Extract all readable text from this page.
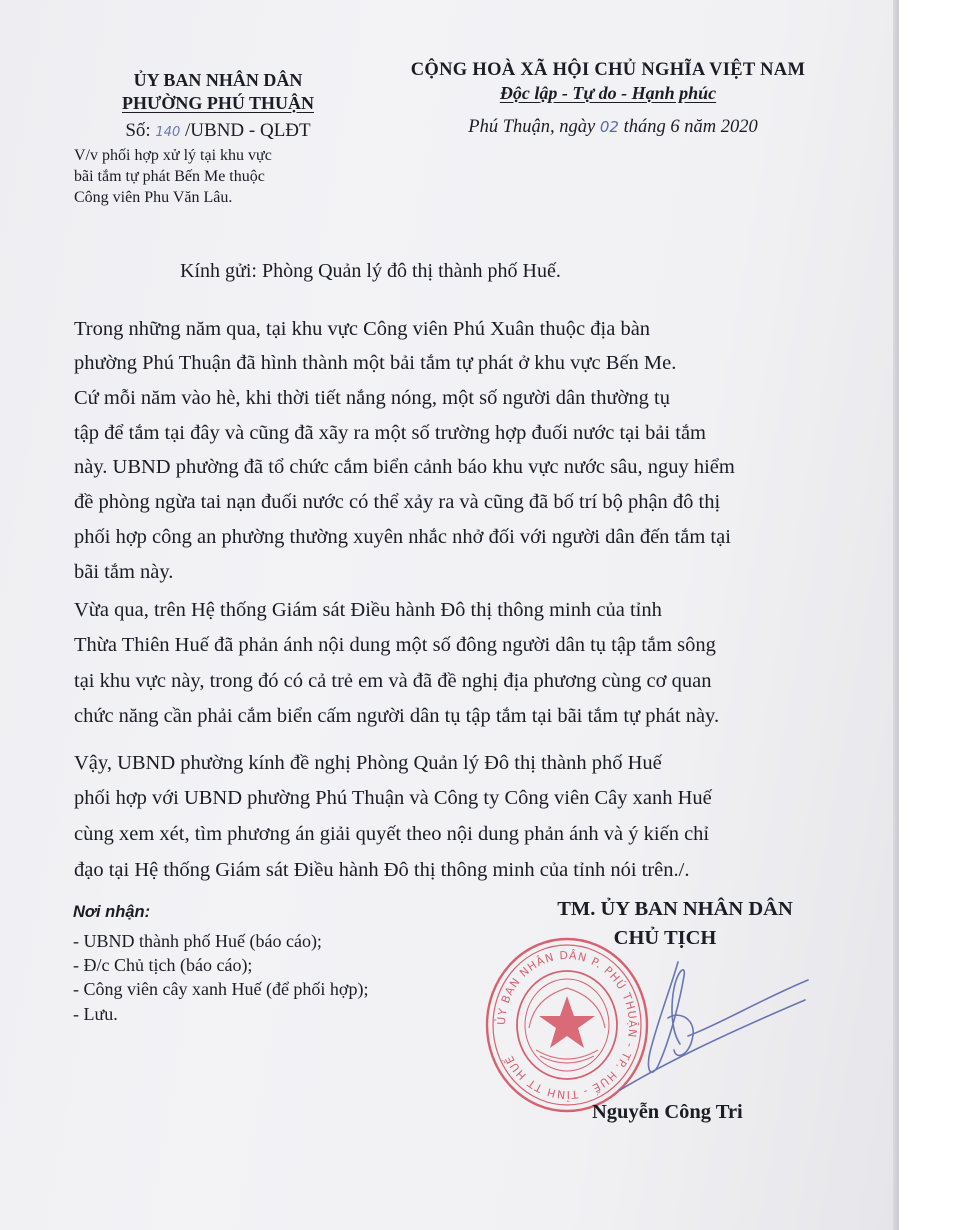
ỦY BAN NHÂN DÂN
PHƯỜNG PHÚ THUẬN
Số: 140 /UBND - QLĐT
V/v phối hợp xử lý tại khu vực
bãi tắm tự phát Bến Me thuộc
Công viên Phu Văn Lâu.
CỘNG HOÀ XÃ HỘI CHỦ NGHĨA VIỆT NAM
Độc lập - Tự do - Hạnh phúc
Phú Thuận, ngày 02 tháng 6 năm 2020
Kính gửi: Phòng Quản lý đô thị thành phố Huế.
Trong những năm qua, tại khu vực Công viên Phú Xuân thuộc địa bàn
phường Phú Thuận đã hình thành một bải tắm tự phát ở khu vực Bến Me.
Cứ mỗi năm vào hè, khi thời tiết nắng nóng, một số người dân thường tụ
tập để tắm tại đây và cũng đã xãy ra một số trường hợp đuối nước tại bải tắm
này. UBND phường đã tổ chức cắm biển cảnh báo khu vực nước sâu, nguy hiểm
đề phòng ngừa tai nạn đuối nước có thể xảy ra và cũng đã bố trí bộ phận đô thị
phối hợp công an phường thường xuyên nhắc nhở đối với người dân đến tắm tại
bãi tắm này.
Vừa qua, trên Hệ thống Giám sát Điều hành Đô thị thông minh của tỉnh
Thừa Thiên Huế đã phản ánh nội dung một số đông người dân tụ tập tắm sông
tại khu vực này, trong đó có cả trẻ em và đã đề nghị địa phương cùng cơ quan
chức năng cần phải cắm biển cấm người dân tụ tập tắm tại bãi tắm tự phát này.
Vậy, UBND phường kính đề nghị Phòng Quản lý Đô thị thành phố Huế
phối hợp với UBND phường Phú Thuận và Công ty Công viên Cây xanh Huế
cùng xem xét, tìm phương án giải quyết theo nội dung phản ánh và ý kiến chỉ
đạo tại Hệ thống Giám sát Điều hành Đô thị thông minh của tỉnh nói trên./.
Nơi nhận:
- UBND thành phố Huế (báo cáo);
- Đ/c Chủ tịch (báo cáo);
- Công viên cây xanh Huế (để phối hợp);
- Lưu.
TM. ỦY BAN NHÂN DÂN
CHỦ TỊCH
ỦY BAN NHÂN DÂN P. PHÚ THUẬN - TP. HUẾ - TỈNH TT HUẾ
Nguyễn Công Tri
